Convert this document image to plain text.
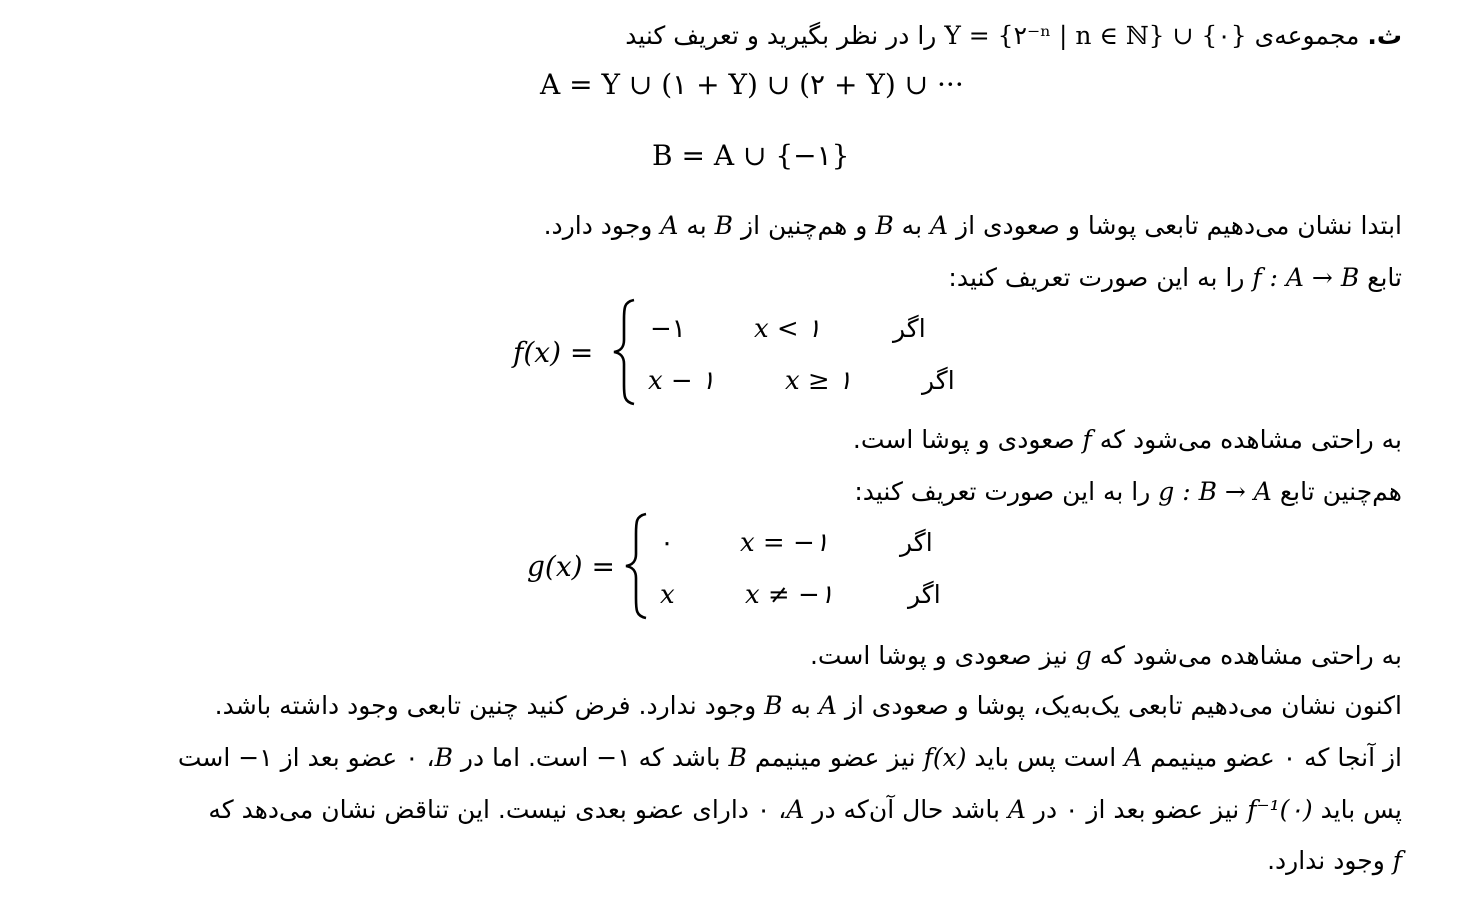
ث. مجموعه‌ی Y = {۲⁻ⁿ | n ∈ ℕ} ∪ {۰} را در نظر بگیرید و تعریف کنید
A = Y ∪ (۱ + Y) ∪ (۲ + Y) ∪ ···
B = A ∪ {−۱}
ابتدا نشان می‌دهیم تابعی پوشا و صعودی از A به B و هم‌چنین از B به A وجود دارد.
تابع f : A → B را به این صورت تعریف کنید:
f(x) =
−۱	x < ۱	اگر
x − ۱	x ≥ ۱	اگر
به راحتی مشاهده می‌شود که f صعودی و پوشا است.
هم‌چنین تابع g : B → A را به این صورت تعریف کنید:
g(x) =
۰	x = −۱	اگر
x	x ≠ −۱	اگر
به راحتی مشاهده می‌شود که g نیز صعودی و پوشا است.
اکنون نشان می‌دهیم تابعی یک‌به‌یک، پوشا و صعودی از A به B وجود ندارد. فرض کنید چنین تابعی وجود داشته باشد.
از آنجا که ۰ عضو مینیمم A است پس باید f(x) نیز عضو مینیمم B باشد که ۱− است. اما در B، ۰ عضو بعد از ۱− است
پس باید f⁻¹(۰) نیز عضو بعد از ۰ در A باشد حال آن‌که در A، ۰ دارای عضو بعدی نیست. این تناقض نشان می‌دهد که
f وجود ندارد.
